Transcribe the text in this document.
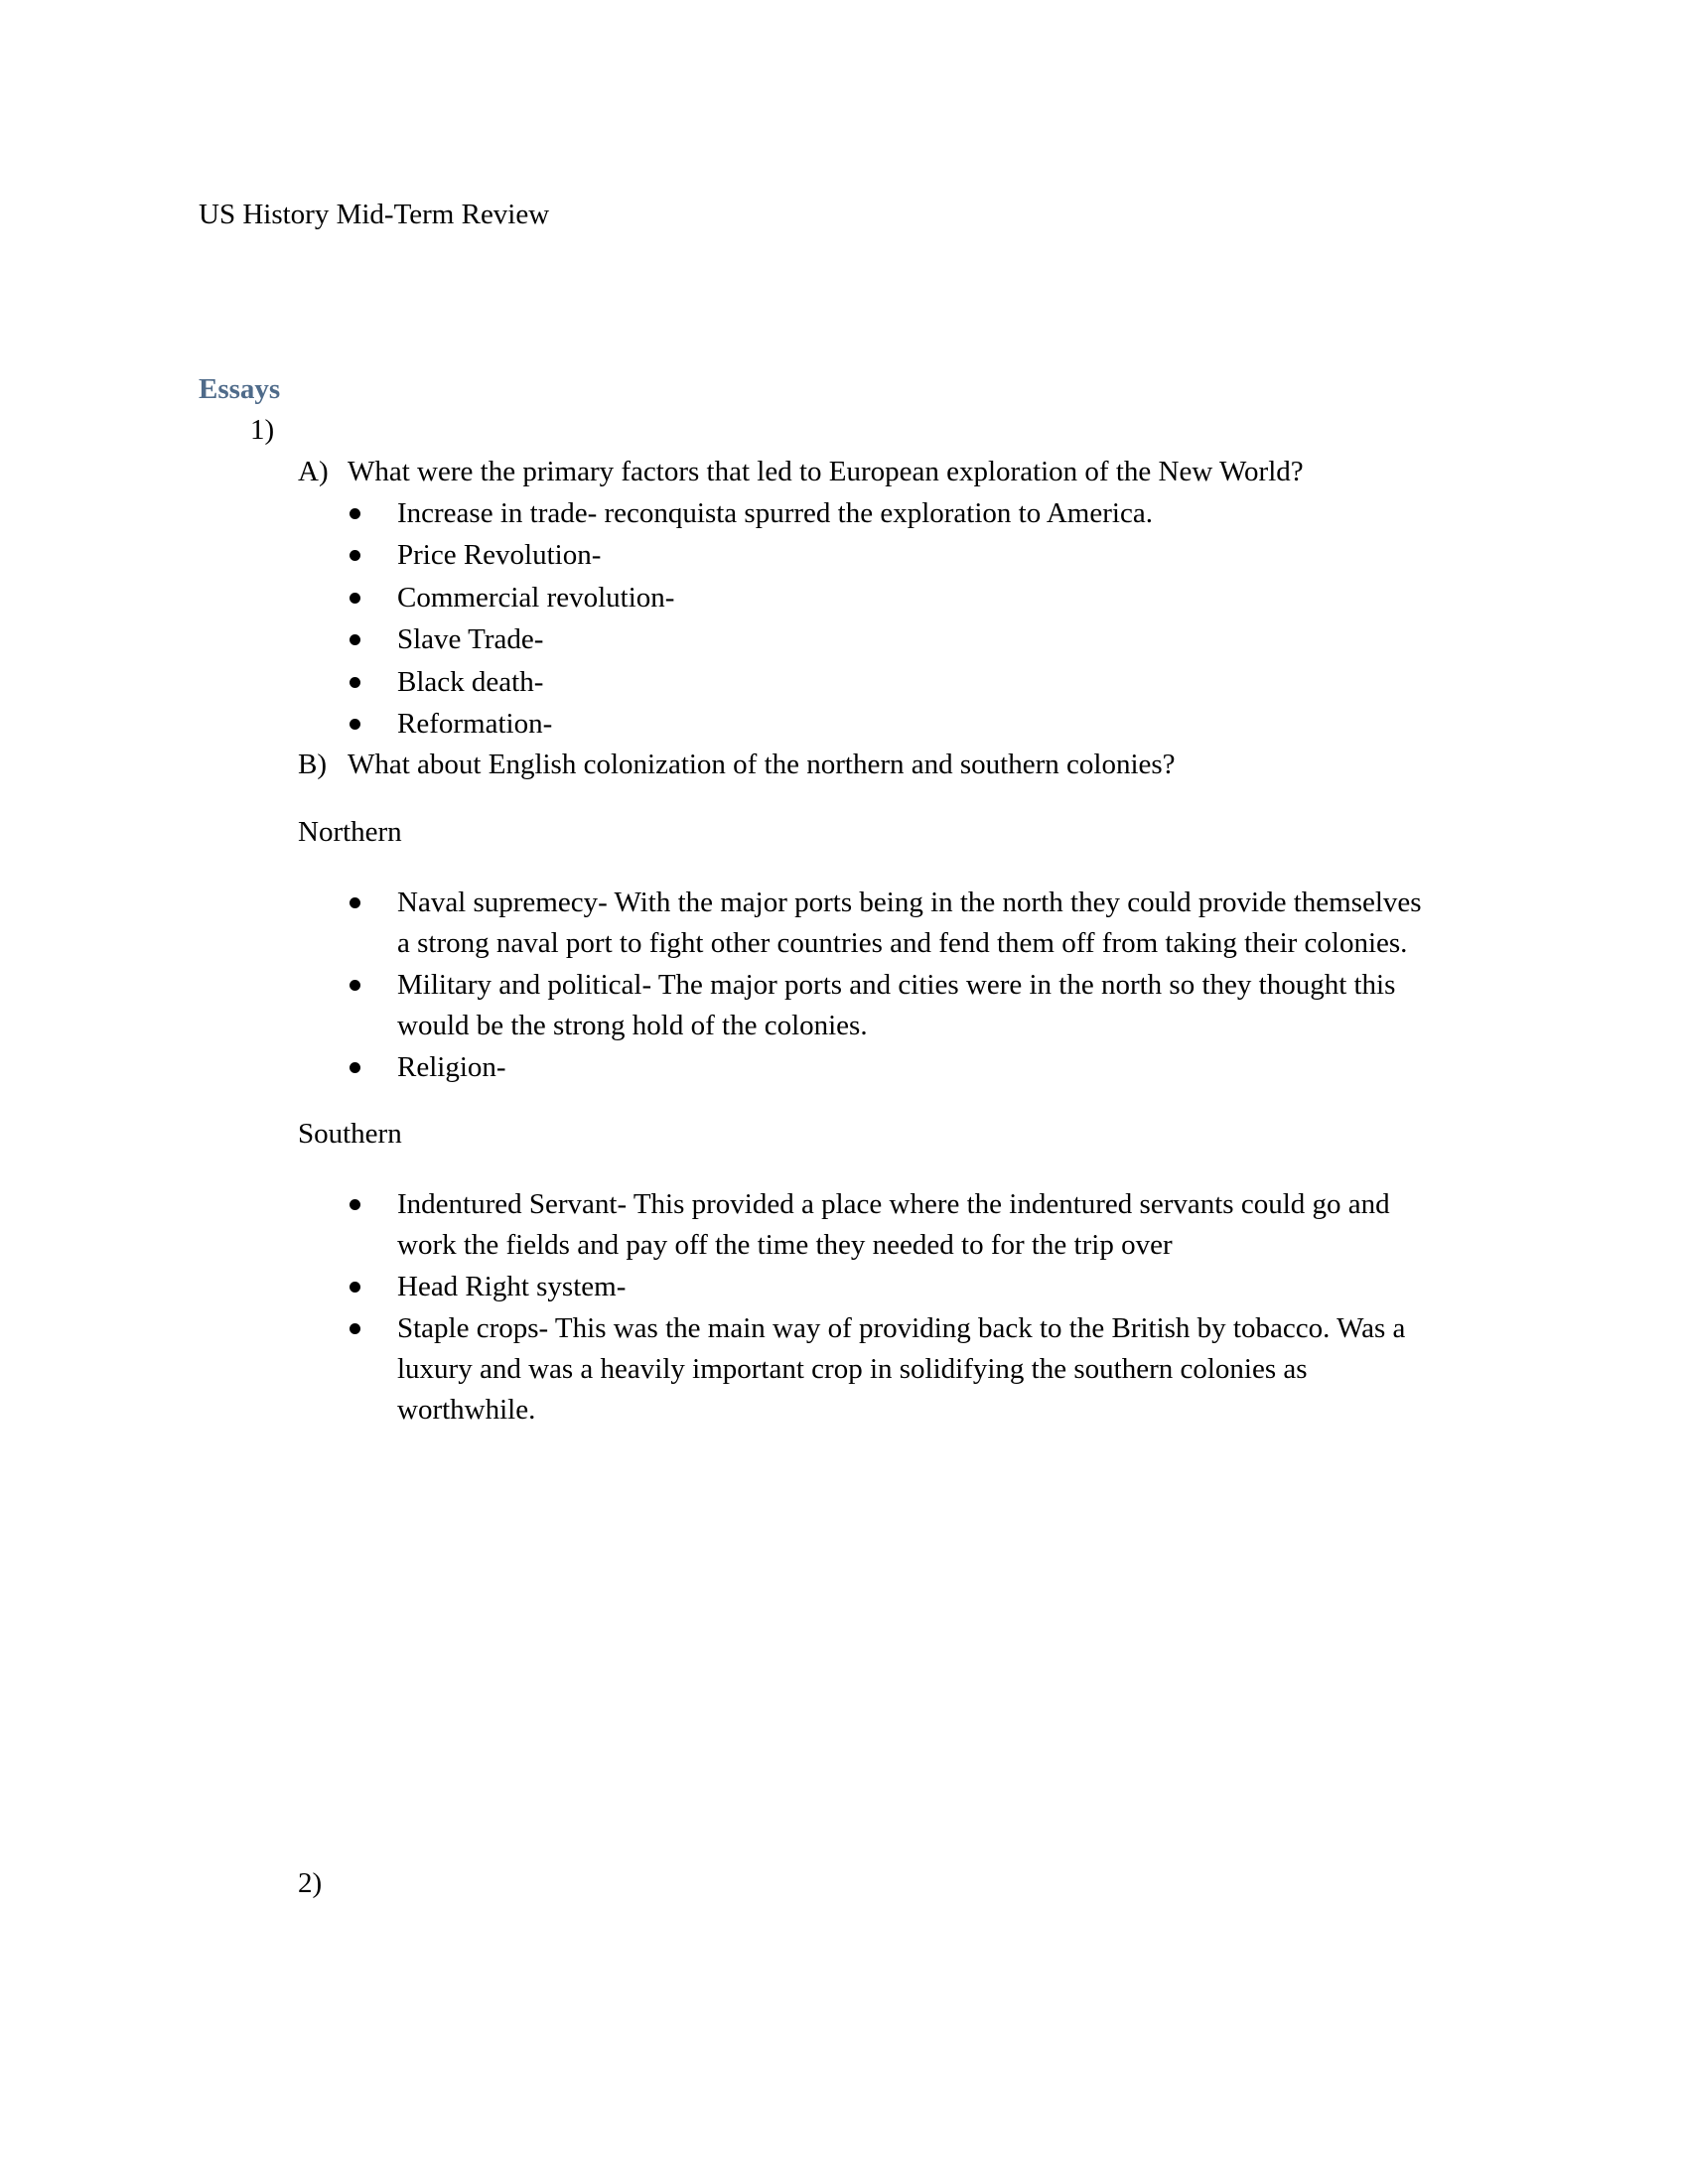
US History Mid-Term Review

Essays

1)

A) What were the primary factors that led to European exploration of the New World?
Increase in trade- reconquista spurred the exploration to America.
Price Revolution-
Commercial revolution-
Slave Trade-
Black death-
Reformation-
B) What about English colonization of the northern and southern colonies?

Northern

Naval supremecy- With the major ports being in the north they could provide themselves
a strong naval port to fight other countries and fend them off from taking their colonies.
Military and political- The major ports and cities were in the north so they thought this
would be the strong hold of the colonies.
Religion-

Southern

Indentured Servant- This provided a place where the indentured servants could go and
work the fields and pay off the time they needed to for the trip over
Head Right system-
Staple crops- This was the main way of providing back to the British by tobacco. Was a
luxury and was a heavily important crop in solidifying the southern colonies as
worthwhile.

2)
